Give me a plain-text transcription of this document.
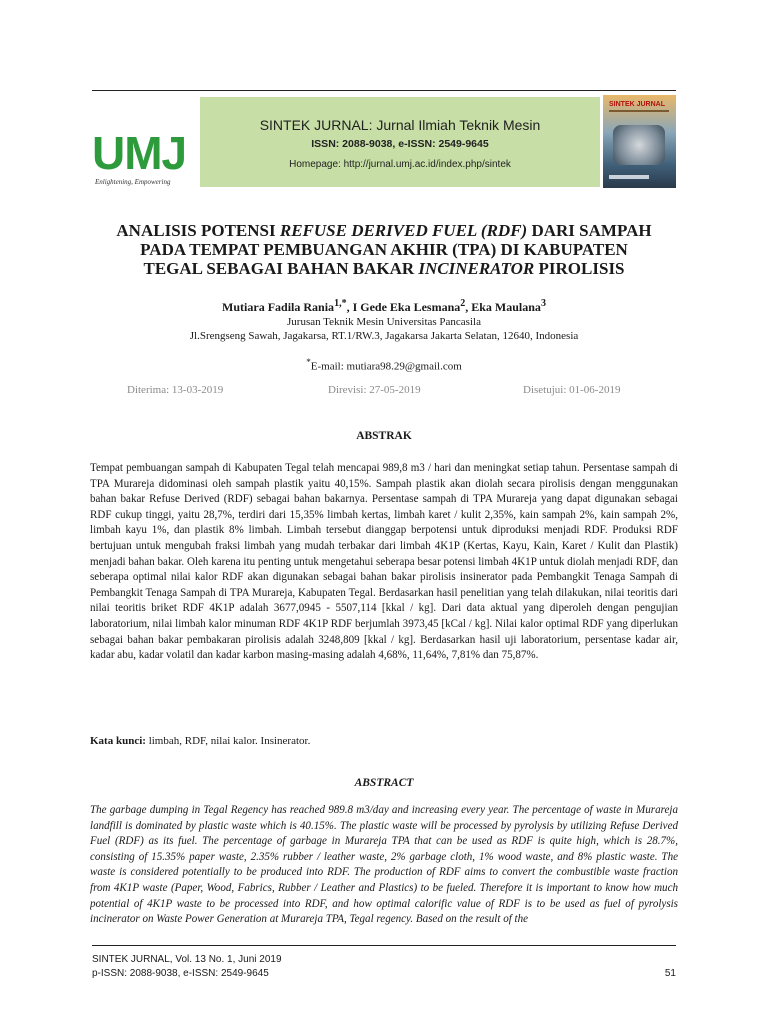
UMJ
Enlightening, Empowering
SINTEK JURNAL: Jurnal Ilmiah Teknik Mesin
ISSN: 2088-9038, e-ISSN: 2549-9645
Homepage: http://jurnal.umj.ac.id/index.php/sintek
SINTEK JURNAL
ANALISIS POTENSI REFUSE DERIVED FUEL (RDF) DARI SAMPAH
PADA TEMPAT PEMBUANGAN AKHIR (TPA) DI KABUPATEN
TEGAL SEBAGAI BAHAN BAKAR INCINERATOR PIROLISIS
Mutiara Fadila Rania$^{1,*}$, I Gede Eka Lesmana$^2$, Eka Maulana$^3$
Jurusan Teknik Mesin Universitas Pancasila
Jl.Srengseng Sawah, Jagakarsa, RT.1/RW.3, Jagakarsa Jakarta Selatan, 12640, Indonesia
*E-mail: mutiara98.29@gmail.com
Diterima: 13-03-2019	Direvisi: 27-05-2019	Disetujui: 01-06-2019
ABSTRAK
Tempat pembuangan sampah di Kabupaten Tegal telah mencapai 989,8 m3 / hari dan meningkat setiap tahun. Persentase sampah di TPA Murareja didominasi oleh sampah plastik yaitu 40,15%. Sampah plastik akan diolah secara pirolisis dengan menggunakan bahan bakar Refuse Derived (RDF) sebagai bahan bakarnya. Persentase sampah di TPA Murareja yang dapat digunakan sebagai RDF cukup tinggi, yaitu 28,7%, terdiri dari 15,35% limbah kertas, limbah karet / kulit 2,35%, kain sampah 2%, kain sampah 2%, limbah kayu 1%, dan plastik 8% limbah. Limbah tersebut dianggap berpotensi untuk diproduksi menjadi RDF. Produksi RDF bertujuan untuk mengubah fraksi limbah yang mudah terbakar dari limbah 4K1P (Kertas, Kayu, Kain, Karet / Kulit dan Plastik) menjadi bahan bakar. Oleh karena itu penting untuk mengetahui seberapa besar potensi limbah 4K1P untuk diolah menjadi RDF, dan seberapa optimal nilai kalor RDF akan digunakan sebagai bahan bakar pirolisis insinerator pada Pembangkit Tenaga Sampah di Pembangkit Tenaga Sampah di TPA Murareja, Kabupaten Tegal. Berdasarkan hasil penelitian yang telah dilakukan, nilai teoritis dari nilai teoritis briket RDF 4K1P adalah 3677,0945 - 5507,114 [kkal / kg]. Dari data aktual yang diperoleh dengan pengujian laboratorium, nilai limbah kalor minuman RDF 4K1P RDF berjumlah 3973,45 [kCal / kg]. Nilai kalor optimal RDF yang diperlukan sebagai bahan bakar pembakaran pirolisis adalah 3248,809 [kkal / kg]. Berdasarkan hasil uji laboratorium, persentase kadar air, kadar abu, kadar volatil dan kadar karbon masing-masing adalah 4,68%, 11,64%, 7,81% dan 75,87%.
Kata kunci: limbah, RDF, nilai kalor. Insinerator.
ABSTRACT
The garbage dumping in Tegal Regency has reached 989.8 m3/day and increasing every year. The percentage of waste in Murareja landfill is dominated by plastic waste which is 40.15%. The plastic waste will be processed by pyrolysis by utilizing Refuse Derived Fuel (RDF) as its fuel. The percentage of garbage in Murareja TPA that can be used as RDF is quite high, which is 28.7%, consisting of 15.35% paper waste, 2.35% rubber / leather waste, 2% garbage cloth, 1% wood waste, and 8% plastic waste. The waste is considered potentially to be produced into RDF. The production of RDF aims to convert the combustible waste fraction from 4K1P waste (Paper, Wood, Fabrics, Rubber / Leather and Plastics) to be fueled. Therefore it is important to know how much potential of 4K1P waste to be processed into RDF, and how optimal calorific value of RDF is to be used as fuel of pyrolysis incinerator on Waste Power Generation at Murareja TPA, Tegal regency. Based on the result of the
SINTEK JURNAL, Vol. 13 No. 1, Juni 2019
p-ISSN: 2088-9038, e-ISSN: 2549-9645	51
